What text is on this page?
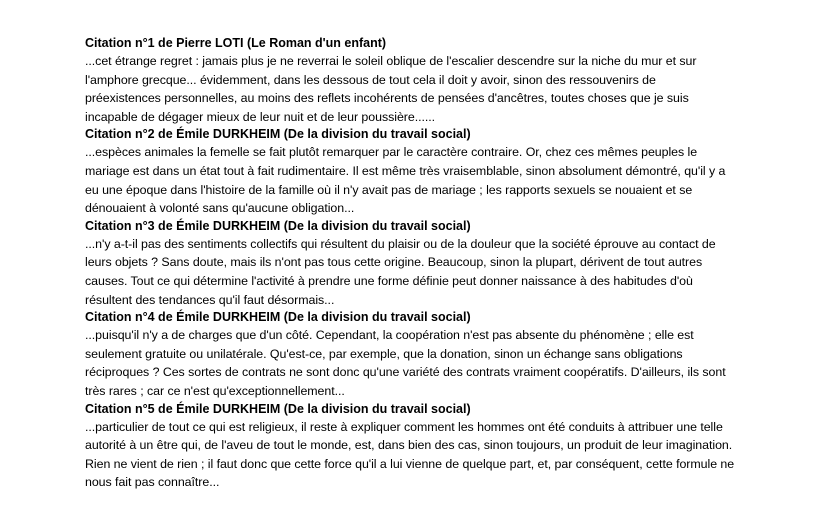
Citation n°1 de Pierre LOTI (Le Roman d'un enfant)
...cet étrange regret : jamais plus je ne reverrai le soleil oblique de l'escalier descendre sur la niche du mur et sur
l'amphore grecque... évidemment, dans les dessous de tout cela il doit y avoir, sinon des ressouvenirs de
préexistences personnelles, au moins des reflets incohérents de pensées d'ancêtres, toutes choses que je suis
incapable de dégager mieux de leur nuit et de leur poussière......
Citation n°2 de Émile DURKHEIM (De la division du travail social)
...espèces animales la femelle se fait plutôt remarquer par le caractère contraire. Or, chez ces mêmes peuples le
mariage est dans un état tout à fait rudimentaire. Il est même très vraisemblable, sinon absolument démontré, qu'il y a
eu une époque dans l'histoire de la famille où il n'y avait pas de mariage ; les rapports sexuels se nouaient et se
dénouaient à volonté sans qu'aucune obligation...
Citation n°3 de Émile DURKHEIM (De la division du travail social)
...n'y a-t-il pas des sentiments collectifs qui résultent du plaisir ou de la douleur que la société éprouve au contact de
leurs objets ? Sans doute, mais ils n'ont pas tous cette origine. Beaucoup, sinon la plupart, dérivent de tout autres
causes. Tout ce qui détermine l'activité à prendre une forme définie peut donner naissance à des habitudes d'où
résultent des tendances qu'il faut désormais...
Citation n°4 de Émile DURKHEIM (De la division du travail social)
...puisqu'il n'y a de charges que d'un côté. Cependant, la coopération n'est pas absente du phénomène ; elle est
seulement gratuite ou unilatérale. Qu'est-ce, par exemple, que la donation, sinon un échange sans obligations
réciproques ? Ces sortes de contrats ne sont donc qu'une variété des contrats vraiment coopératifs. D'ailleurs, ils sont
très rares ; car ce n'est qu'exceptionnellement...
Citation n°5 de Émile DURKHEIM (De la division du travail social)
...particulier de tout ce qui est religieux, il reste à expliquer comment les hommes ont été conduits à attribuer une telle
autorité à un être qui, de l'aveu de tout le monde, est, dans bien des cas, sinon toujours, un produit de leur imagination.
Rien ne vient de rien ; il faut donc que cette force qu'il a lui vienne de quelque part, et, par conséquent, cette formule ne
nous fait pas connaître...
